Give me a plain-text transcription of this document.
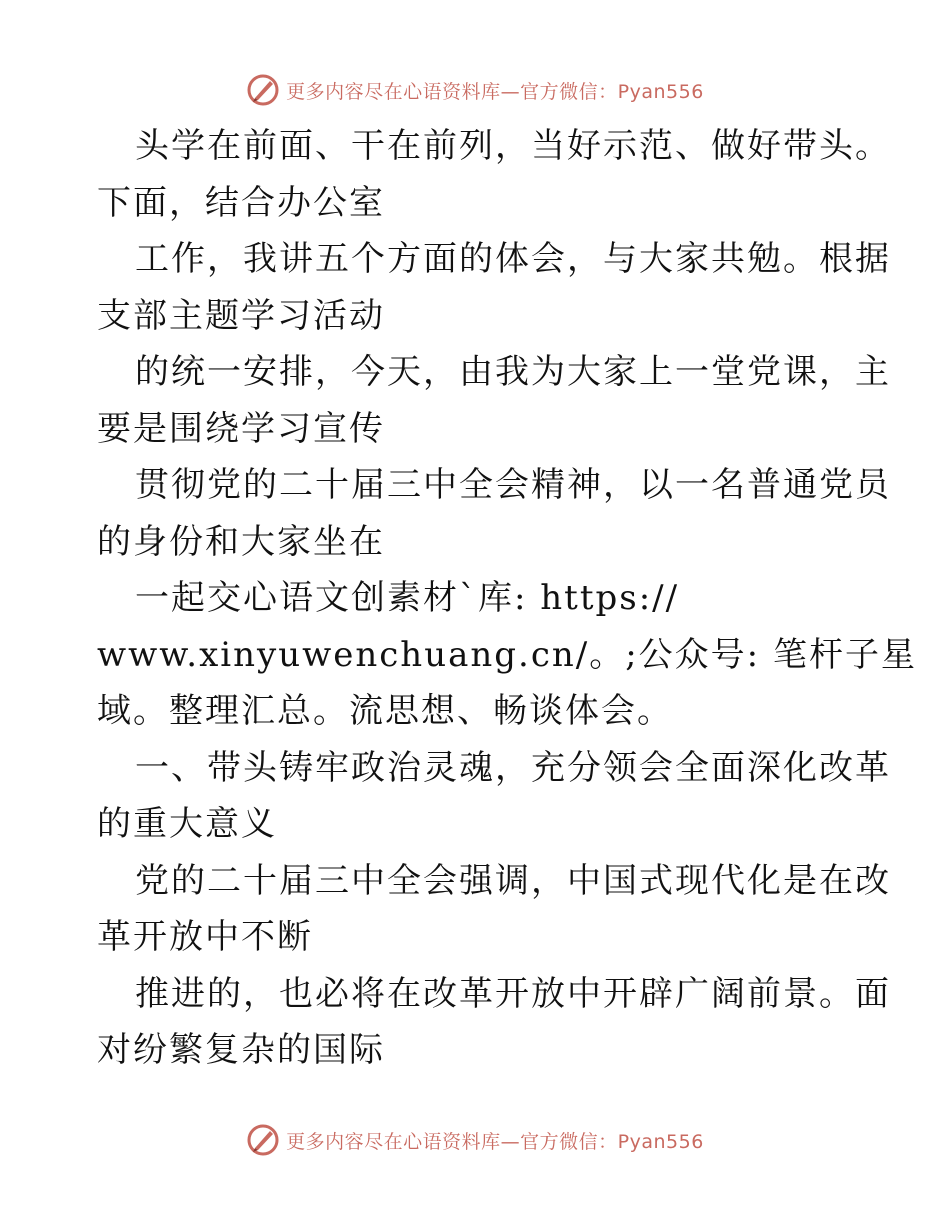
更多内容尽在心语资料库—官方微信：Pyan556
头学在前面、干在前列，当好示范、做好带头。
下面，结合办公室
工作，我讲五个方面的体会，与大家共勉。根据
支部主题学习活动
的统一安排，今天，由我为大家上一堂党课，主
要是围绕学习宣传
贯彻党的二十届三中全会精神，以一名普通党员
的身份和大家坐在
一起交心语文创素材`库: https://
www.xinyuwenchuang.cn/。;公众号: 笔杆子星
域。整理汇总。流思想、畅谈体会。
一、带头铸牢政治灵魂，充分领会全面深化改革
的重大意义
党的二十届三中全会强调，中国式现代化是在改
革开放中不断
推进的，也必将在改革开放中开辟广阔前景。面
对纷繁复杂的国际
更多内容尽在心语资料库—官方微信：Pyan556
